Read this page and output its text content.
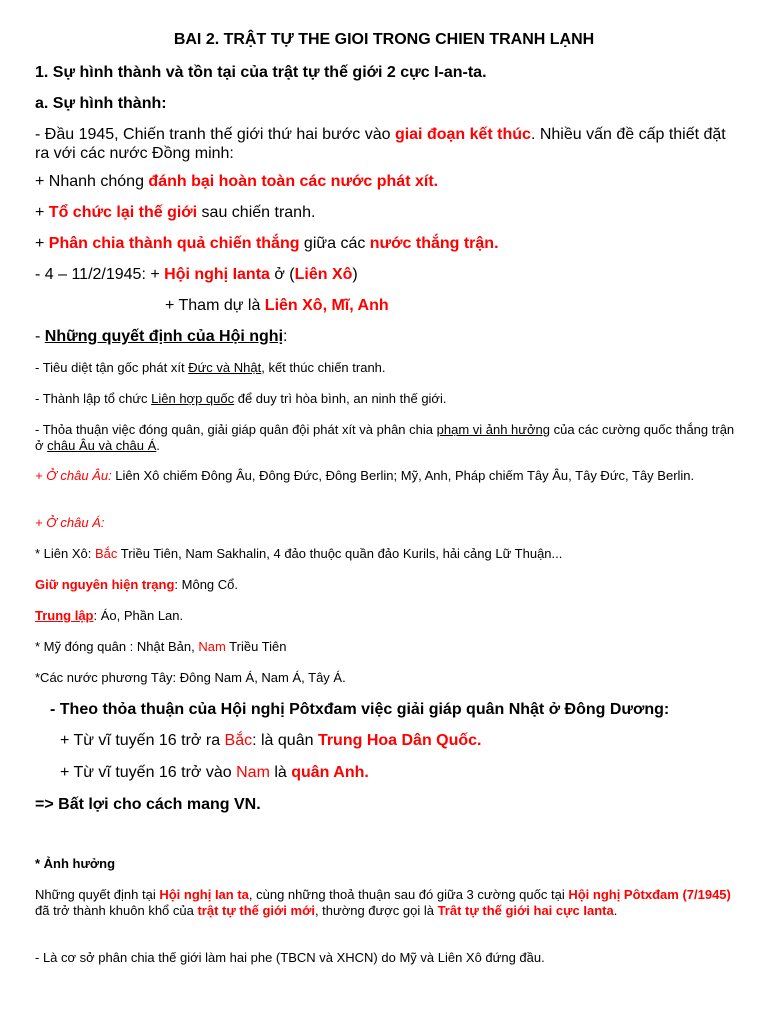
BAI 2. TRẬT TỰ THE GIOI TRONG CHIEN TRANH LẠNH

1. Sự hình thành và tồn tại của trật tự thế giới 2 cực I-an-ta.

a. Sự hình thành:

- Đầu 1945, Chiến tranh thế giới thứ hai bước vào giai đoạn kết thúc. Nhiều vấn đề cấp thiết đặt ra với các nước Đồng minh:

+ Nhanh chóng đánh bại hoàn toàn các nước phát xít.

+ Tổ chức lại thế giới sau chiến tranh.

+ Phân chia thành quả chiến thắng giữa các nước thắng trận.

- 4 – 11/2/1945: + Hội nghị Ianta ở (Liên Xô)

+ Tham dự là Liên Xô, Mĩ, Anh

- Những quyết định của Hội nghị:

- Tiêu diệt tận gốc phát xít Đức và Nhật, kết thúc chiến tranh.

- Thành lập tổ chức Liên hợp quốc để duy trì hòa bình, an ninh thế giới.

- Thỏa thuận việc đóng quân, giải giáp quân đội phát xít và phân chia phạm vi ảnh hưởng của các cường quốc thắng trận ở châu Âu và châu Á.

+ Ở châu Âu: Liên Xô chiếm Đông Âu, Đông Đức, Đông Berlin; Mỹ, Anh, Pháp chiếm Tây Âu, Tây Đức, Tây Berlin.

+ Ở châu Á:

* Liên Xô: Bắc Triều Tiên, Nam Sakhalin, 4 đảo thuộc quần đảo Kurils, hải cảng Lữ Thuận...

Giữ nguyên hiện trạng: Mông Cổ.

Trung lập: Áo, Phần Lan.

* Mỹ đóng quân : Nhật Bản, Nam Triều Tiên

*Các nước phương Tây: Đông Nam Á, Nam Á, Tây Á.

- Theo thỏa thuận của Hội nghị Pôtxđam việc giải giáp quân Nhật ở Đông Dương:

+ Từ vĩ tuyến 16 trở ra Bắc: là quân Trung Hoa Dân Quốc.

+ Từ vĩ tuyến 16 trở vào Nam là quân Anh.

=> Bất lợi cho cách mang VN.

* Ảnh hưởng

Những quyết định tại Hội nghị Ian ta, cùng những thoả thuận sau đó giữa 3 cường quốc tại Hội nghị Pôtxđam (7/1945) đã trở thành khuôn khổ của trật tự thế giới mới, thường được gọi là Trât tự thế giới hai cực Ianta.

- Là cơ sở phân chia thế giới làm hai phe (TBCN và XHCN) do Mỹ và Liên Xô đứng đầu.
